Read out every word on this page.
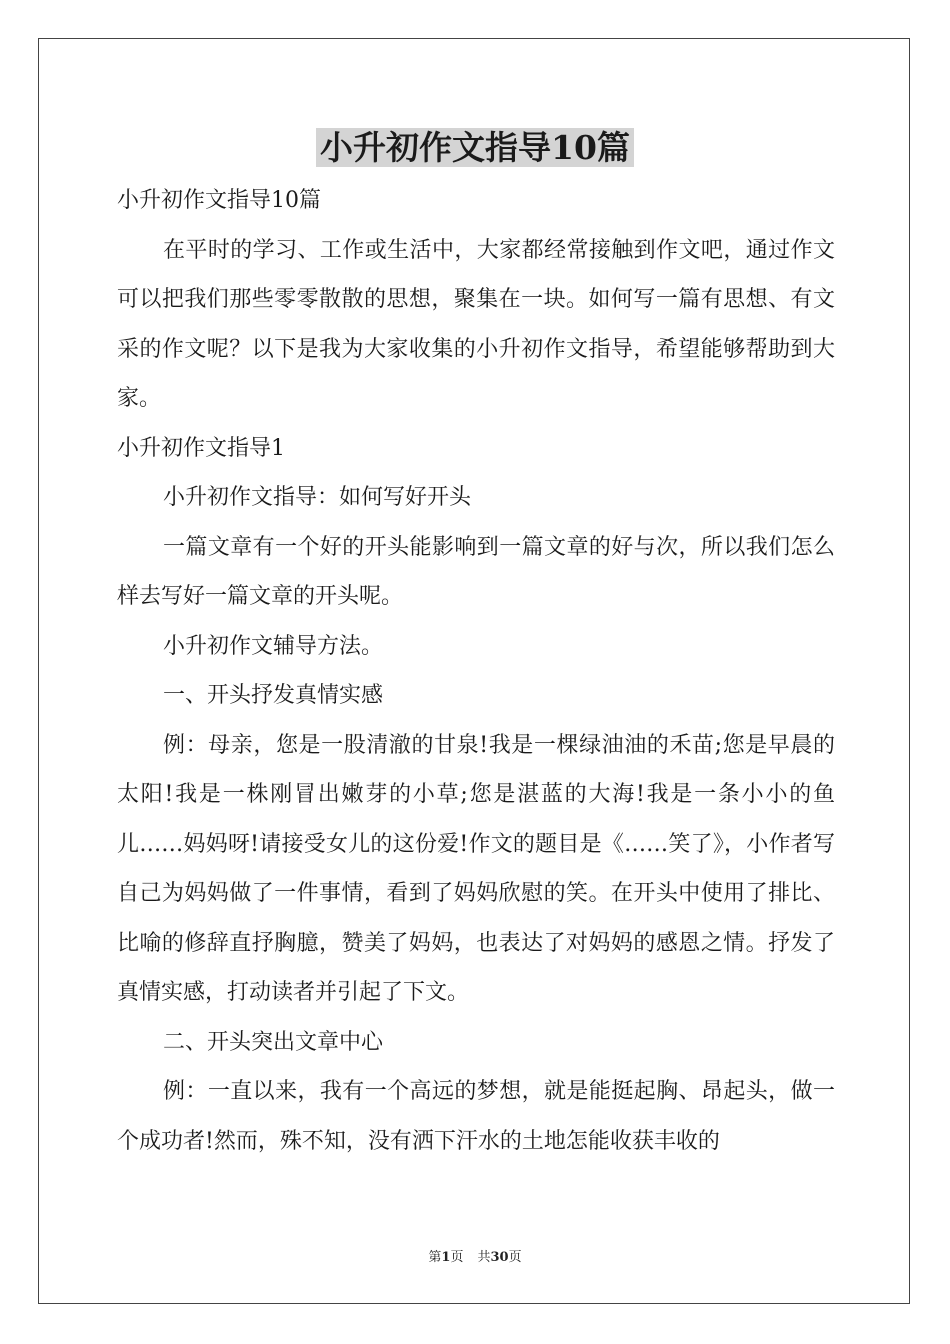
小升初作文指导10篇

小升初作文指导10篇

在平时的学习、工作或生活中，大家都经常接触到作文吧，通过作文可以把我们那些零零散散的思想，聚集在一块。如何写一篇有思想、有文采的作文呢？以下是我为大家收集的小升初作文指导，希望能够帮助到大家。

小升初作文指导1

小升初作文指导：如何写好开头

一篇文章有一个好的开头能影响到一篇文章的好与次，所以我们怎么样去写好一篇文章的开头呢。

小升初作文辅导方法。

一、开头抒发真情实感

例：母亲，您是一股清澈的甘泉!我是一棵绿油油的禾苗;您是早晨的太阳!我是一株刚冒出嫩芽的小草;您是湛蓝的大海!我是一条小小的鱼儿……妈妈呀!请接受女儿的这份爱!作文的题目是《……笑了》，小作者写自己为妈妈做了一件事情，看到了妈妈欣慰的笑。在开头中使用了排比、比喻的修辞直抒胸臆，赞美了妈妈，也表达了对妈妈的感恩之情。抒发了真情实感，打动读者并引起了下文。

二、开头突出文章中心

例：一直以来，我有一个高远的梦想，就是能挺起胸、昂起头，做一个成功者!然而，殊不知，没有洒下汗水的土地怎能收获丰收的

第1页 共30页
